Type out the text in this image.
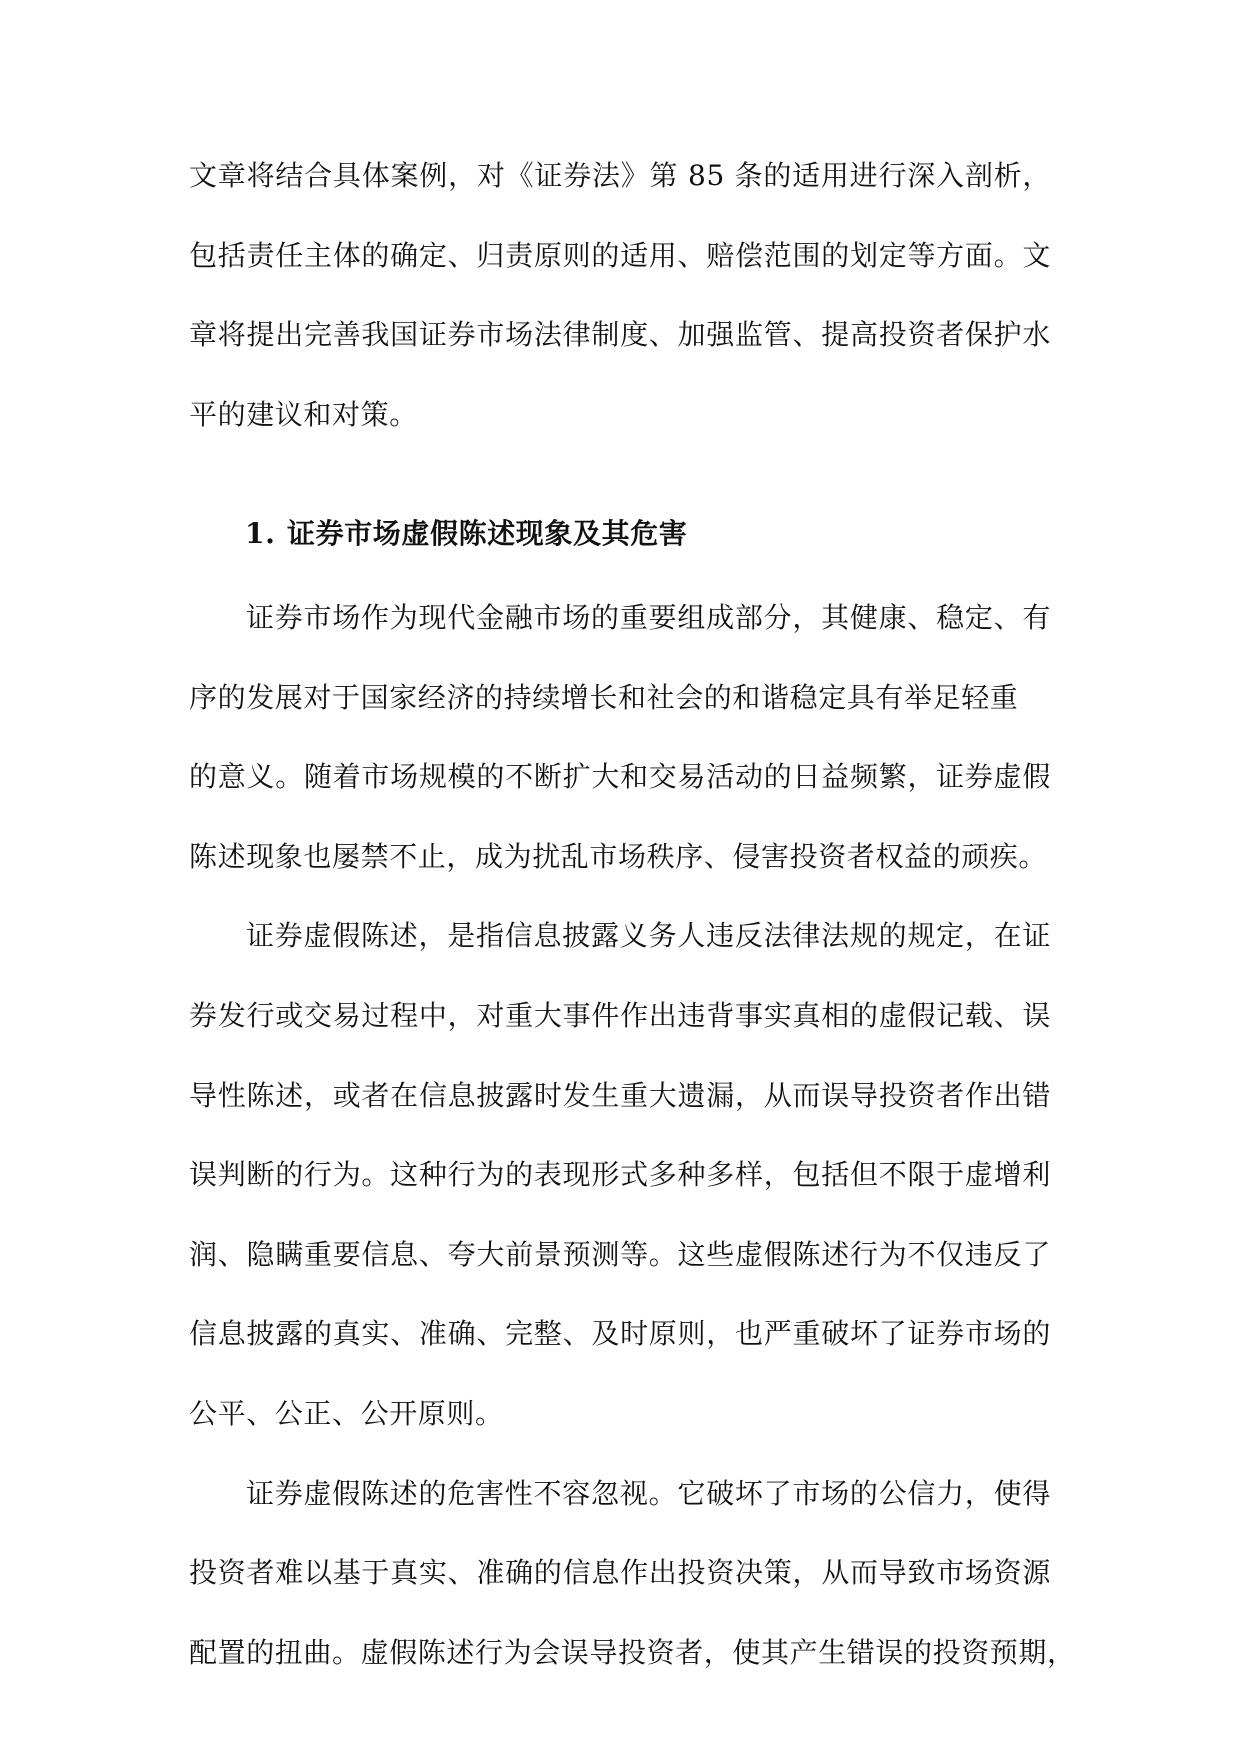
文章将结合具体案例，对《证券法》第 85 条的适用进行深入剖析，
包括责任主体的确定、归责原则的适用、赔偿范围的划定等方面。文
章将提出完善我国证券市场法律制度、加强监管、提高投资者保护水
平的建议和对策。
1. 证券市场虚假陈述现象及其危害
证券市场作为现代金融市场的重要组成部分，其健康、稳定、有
序的发展对于国家经济的持续增长和社会的和谐稳定具有举足轻重
的意义。随着市场规模的不断扩大和交易活动的日益频繁，证券虚假
陈述现象也屡禁不止，成为扰乱市场秩序、侵害投资者权益的顽疾。
证券虚假陈述，是指信息披露义务人违反法律法规的规定，在证
券发行或交易过程中，对重大事件作出违背事实真相的虚假记载、误
导性陈述，或者在信息披露时发生重大遗漏，从而误导投资者作出错
误判断的行为。这种行为的表现形式多种多样，包括但不限于虚增利
润、隐瞒重要信息、夸大前景预测等。这些虚假陈述行为不仅违反了
信息披露的真实、准确、完整、及时原则，也严重破坏了证券市场的
公平、公正、公开原则。
证券虚假陈述的危害性不容忽视。它破坏了市场的公信力，使得
投资者难以基于真实、准确的信息作出投资决策，从而导致市场资源
配置的扭曲。虚假陈述行为会误导投资者，使其产生错误的投资预期，
